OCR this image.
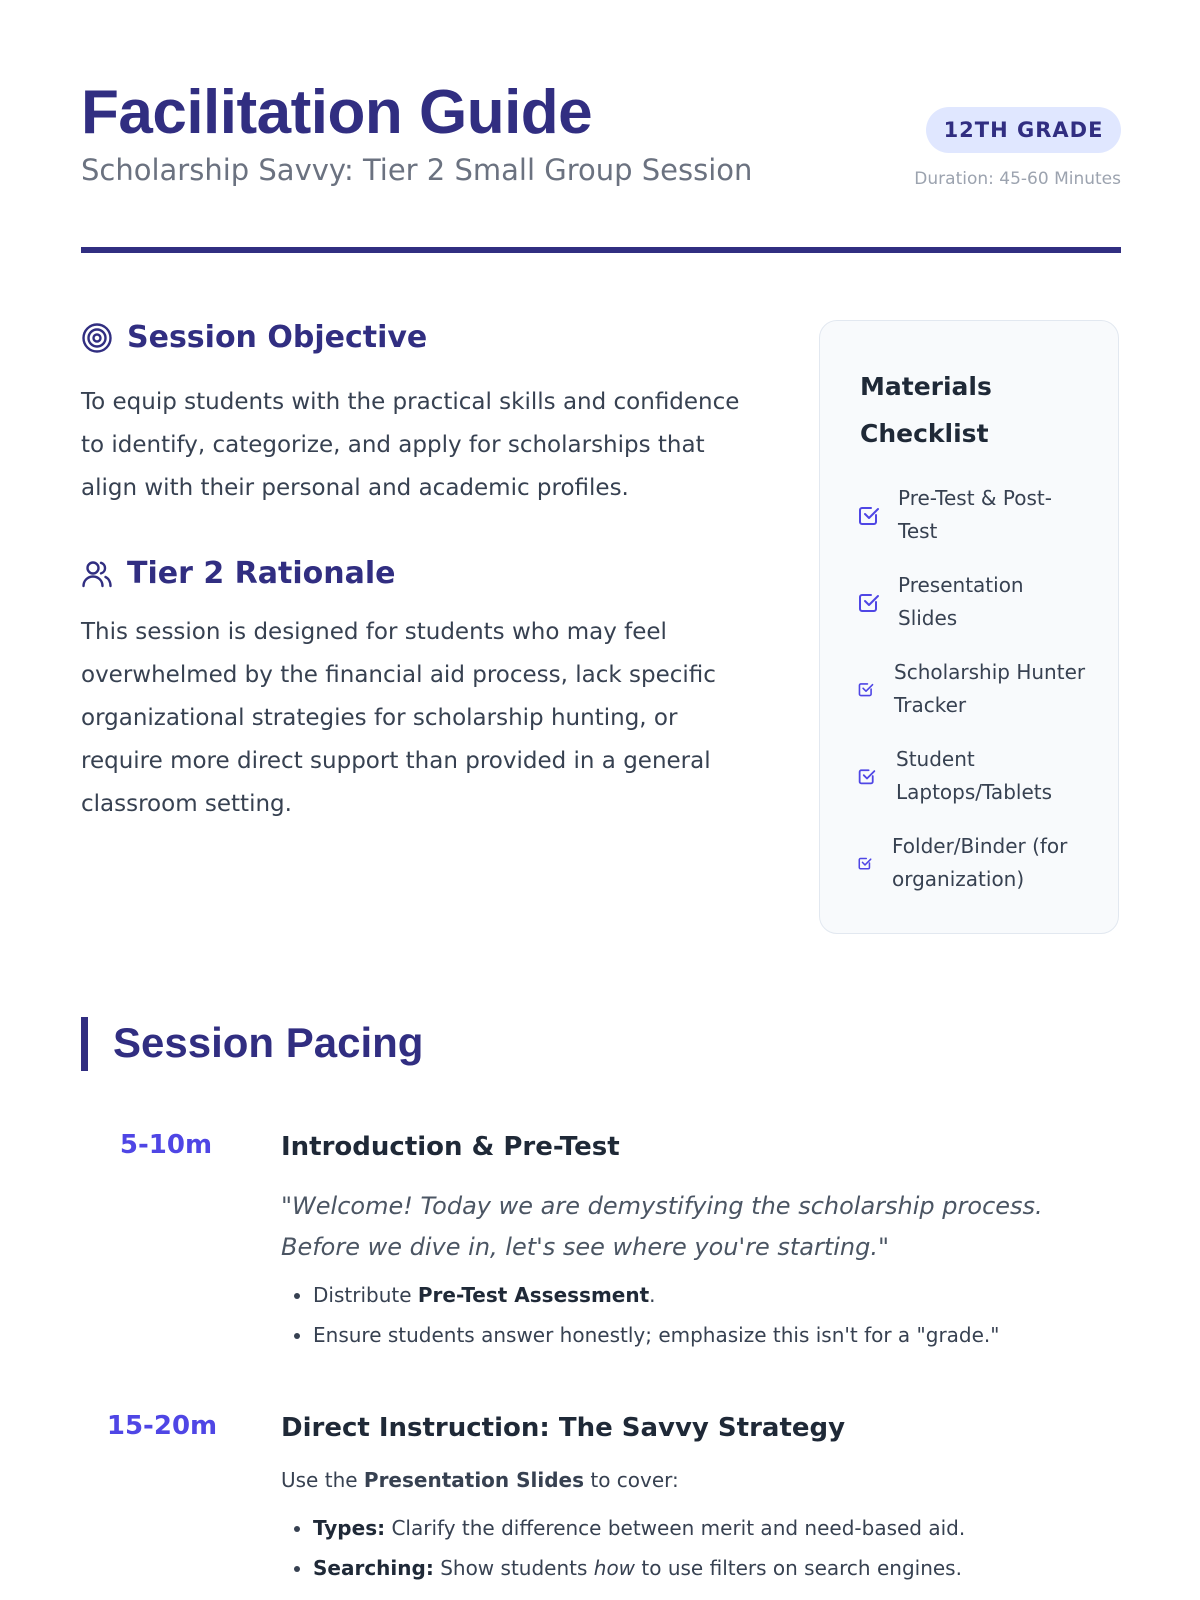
Facilitation Guide
Scholarship Savvy: Tier 2 Small Group Session
12TH GRADE
Duration: 45-60 Minutes
Session Objective

To equip students with the practical skills and confidence to identify, categorize, and apply for scholarships that align with their personal and academic profiles.

Tier 2 Rationale

This session is designed for students who may feel overwhelmed by the financial aid process, lack specific organizational strategies for scholarship hunting, or require more direct support than provided in a general classroom setting.

Materials Checklist
Pre-Test & Post-Test
Presentation Slides
Scholarship Hunter Tracker
Student Laptops/Tablets
Folder/Binder (for organization)
Session Pacing
5-10m	Introduction & Pre-Test

"Welcome! Today we are demystifying the scholarship process. Before we dive in, let's see where you're starting."

• Distribute Pre-Test Assessment.
• Ensure students answer honestly; emphasize this isn't for a "grade."
15-20m	Direct Instruction: The Savvy Strategy

Use the Presentation Slides to cover:

• Types: Clarify the difference between merit and need-based aid.
• Searching: Show students how to use filters on search engines.
